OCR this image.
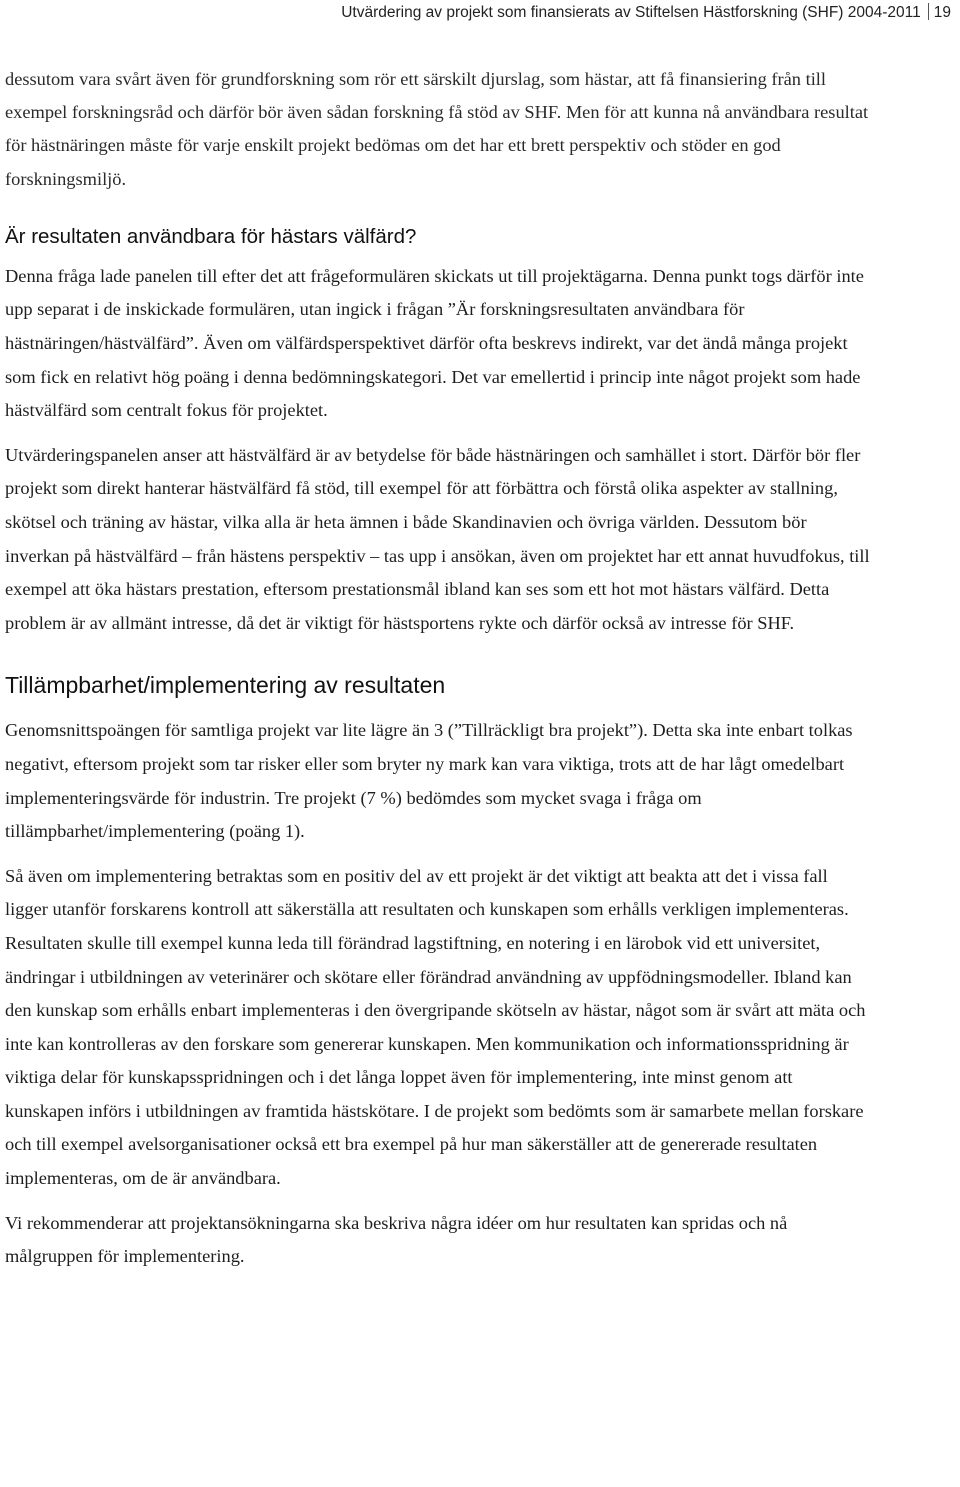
Utvärdering av projekt som finansierats av Stiftelsen Hästforskning (SHF) 2004-2011 19

dessutom vara svårt även för grundforskning som rör ett särskilt djurslag, som hästar, att få finansiering från till exempel forskningsråd och därför bör även sådan forskning få stöd av SHF. Men för att kunna nå användbara resultat för hästnäringen måste för varje enskilt projekt bedömas om det har ett brett perspektiv och stöder en god forskningsmiljö.

Är resultaten användbara för hästars välfärd?

Denna fråga lade panelen till efter det att frågeformulären skickats ut till projektägarna. Denna punkt togs därför inte upp separat i de inskickade formulären, utan ingick i frågan ”Är forskningsresultaten användbara för hästnäringen/hästvälfärd”. Även om välfärdsperspektivet därför ofta beskrevs indirekt, var det ändå många projekt som fick en relativt hög poäng i denna bedömningskategori. Det var emellertid i princip inte något projekt som hade hästvälfärd som centralt fokus för projektet.

Utvärderingspanelen anser att hästvälfärd är av betydelse för både hästnäringen och samhället i stort. Därför bör fler projekt som direkt hanterar hästvälfärd få stöd, till exempel för att förbättra och förstå olika aspekter av stallning, skötsel och träning av hästar, vilka alla är heta ämnen i både Skandinavien och övriga världen. Dessutom bör inverkan på hästvälfärd – från hästens perspektiv – tas upp i ansökan, även om projektet har ett annat huvudfokus, till exempel att öka hästars prestation, eftersom prestationsmål ibland kan ses som ett hot mot hästars välfärd. Detta problem är av allmänt intresse, då det är viktigt för hästsportens rykte och därför också av intresse för SHF.

Tillämpbarhet/implementering av resultaten

Genomsnittspoängen för samtliga projekt var lite lägre än 3 (”Tillräckligt bra projekt”). Detta ska inte enbart tolkas negativt, eftersom projekt som tar risker eller som bryter ny mark kan vara viktiga, trots att de har lågt omedelbart implementeringsvärde för industrin. Tre projekt (7 %) bedömdes som mycket svaga i fråga om tillämpbarhet/implementering (poäng 1).

Så även om implementering betraktas som en positiv del av ett projekt är det viktigt att beakta att det i vissa fall ligger utanför forskarens kontroll att säkerställa att resultaten och kunskapen som erhålls verkligen implementeras. Resultaten skulle till exempel kunna leda till förändrad lagstiftning, en notering i en lärobok vid ett universitet, ändringar i utbildningen av veterinärer och skötare eller förändrad användning av uppfödningsmodeller. Ibland kan den kunskap som erhålls enbart implementeras i den övergripande skötseln av hästar, något som är svårt att mäta och inte kan kontrolleras av den forskare som genererar kunskapen. Men kommunikation och informationsspridning är viktiga delar för kunskapsspridningen och i det långa loppet även för implementering, inte minst genom att kunskapen införs i utbildningen av framtida hästskötare. I de projekt som bedömts som är samarbete mellan forskare och till exempel avelsorganisationer också ett bra exempel på hur man säkerställer att de genererade resultaten implementeras, om de är användbara.

Vi rekommenderar att projektansökningarna ska beskriva några idéer om hur resultaten kan spridas och nå målgruppen för implementering.
